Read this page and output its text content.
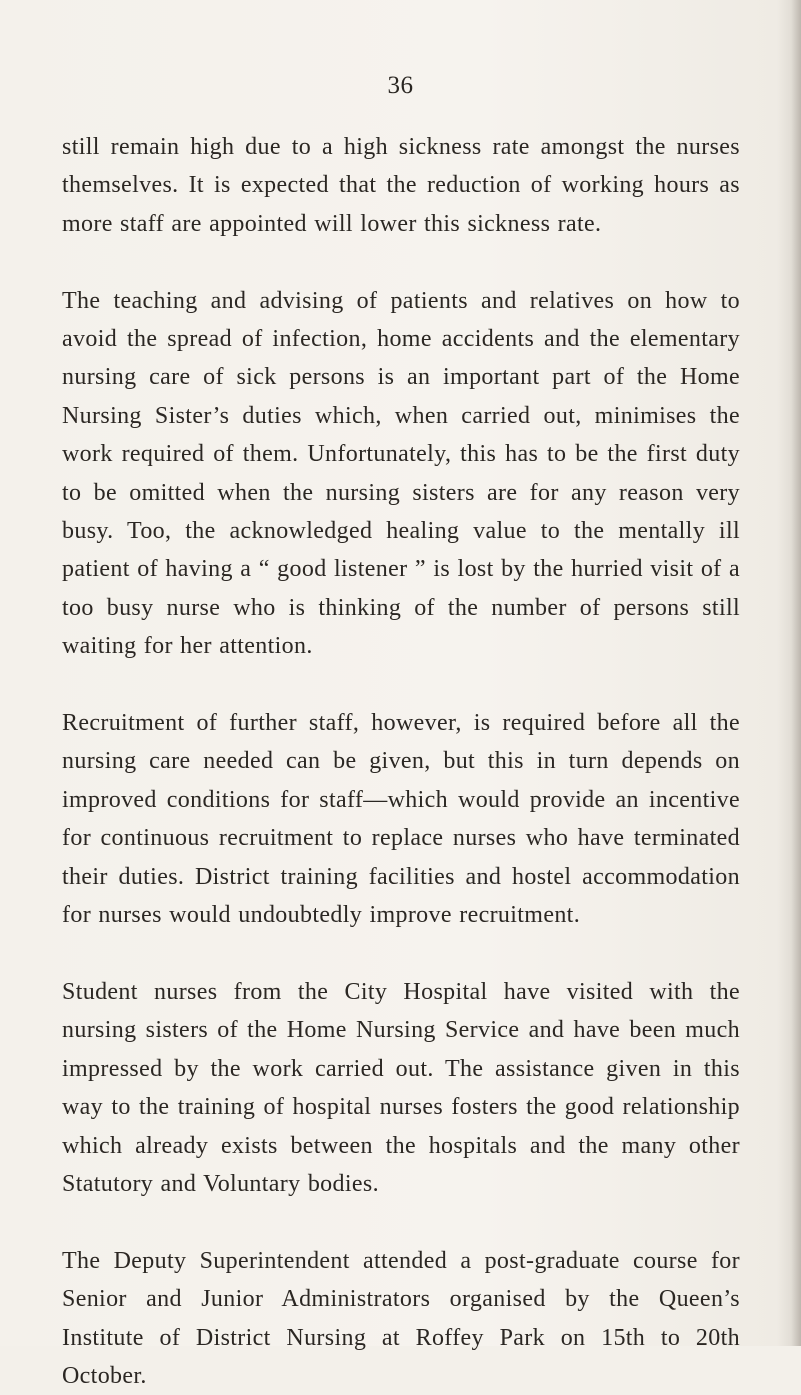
36

still remain high due to a high sickness rate amongst the nurses themselves. It is expected that the reduction of working hours as more staff are appointed will lower this sickness rate.

The teaching and advising of patients and relatives on how to avoid the spread of infection, home accidents and the elementary nursing care of sick persons is an important part of the Home Nursing Sister’s duties which, when carried out, minimises the work required of them. Unfortunately, this has to be the first duty to be omitted when the nursing sisters are for any reason very busy. Too, the acknowledged healing value to the mentally ill patient of having a “ good listener ” is lost by the hurried visit of a too busy nurse who is thinking of the number of persons still waiting for her attention.

Recruitment of further staff, however, is required before all the nursing care needed can be given, but this in turn depends on improved conditions for staff—which would provide an incentive for continuous recruitment to replace nurses who have terminated their duties. District training facilities and hostel accommodation for nurses would undoubtedly improve recruitment.

Student nurses from the City Hospital have visited with the nursing sisters of the Home Nursing Service and have been much impressed by the work carried out. The assistance given in this way to the training of hospital nurses fosters the good relationship which already exists between the hospitals and the many other Statutory and Voluntary bodies.

The Deputy Superintendent attended a post-graduate course for Senior and Junior Administrators organised by the Queen’s Institute of District Nursing at Roffey Park on 15th to 20th October.
